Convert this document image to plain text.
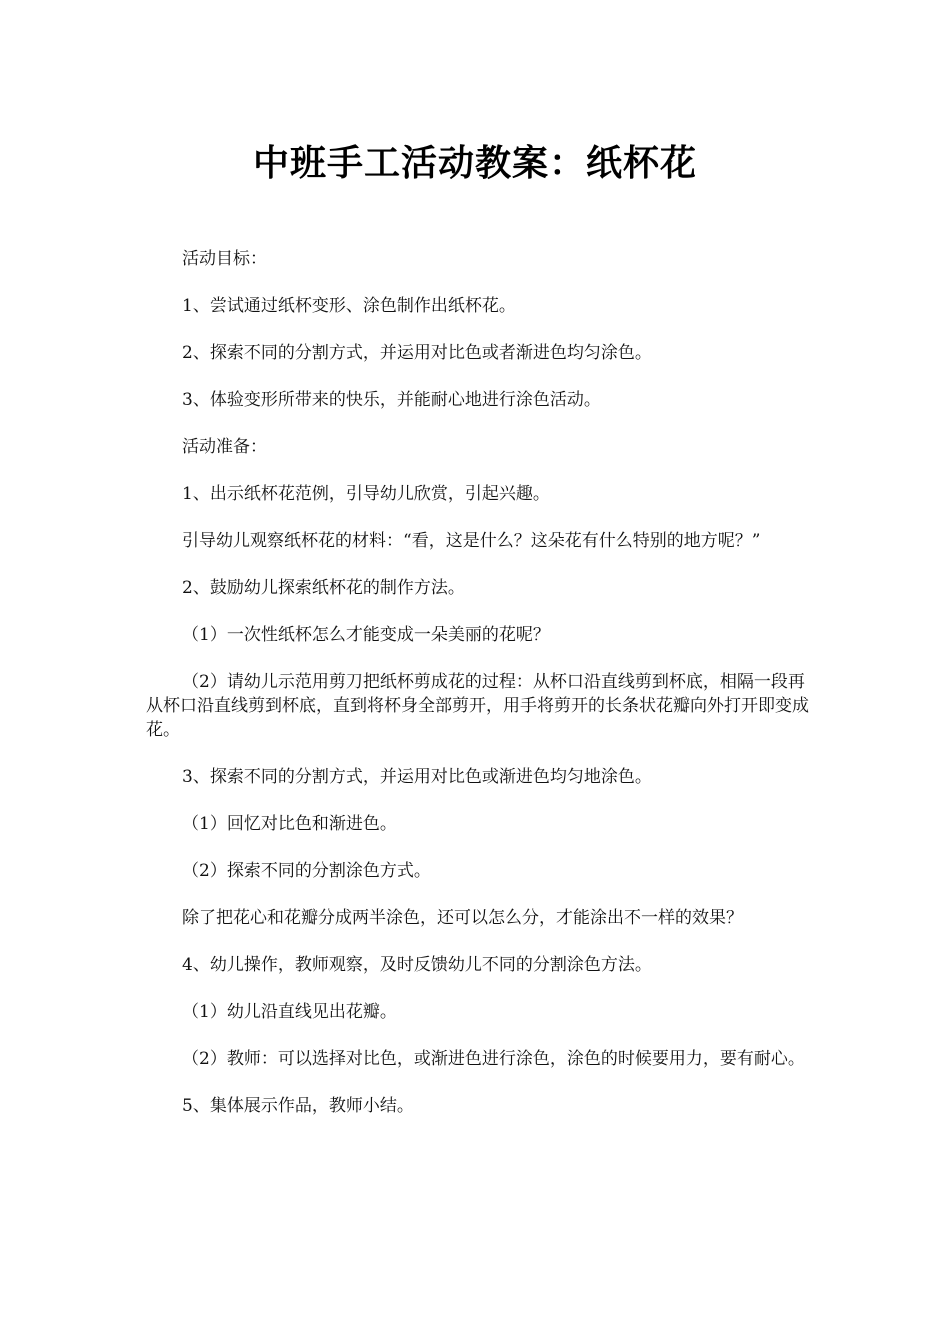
中班手工活动教案：纸杯花

活动目标：

1、尝试通过纸杯变形、涂色制作出纸杯花。

2、探索不同的分割方式，并运用对比色或者渐进色均匀涂色。

3、体验变形所带来的快乐，并能耐心地进行涂色活动。

活动准备：

1、出示纸杯花范例，引导幼儿欣赏，引起兴趣。

引导幼儿观察纸杯花的材料：“看，这是什么？这朵花有什么特别的地方呢？”

2、鼓励幼儿探索纸杯花的制作方法。

（1）一次性纸杯怎么才能变成一朵美丽的花呢？

（2）请幼儿示范用剪刀把纸杯剪成花的过程：从杯口沿直线剪到杯底，相隔一段再从杯口沿直线剪到杯底，直到将杯身全部剪开，用手将剪开的长条状花瓣向外打开即变成花。

3、探索不同的分割方式，并运用对比色或渐进色均匀地涂色。

（1）回忆对比色和渐进色。

（2）探索不同的分割涂色方式。

除了把花心和花瓣分成两半涂色，还可以怎么分，才能涂出不一样的效果？

4、幼儿操作，教师观察，及时反馈幼儿不同的分割涂色方法。

（1）幼儿沿直线见出花瓣。

（2）教师：可以选择对比色，或渐进色进行涂色，涂色的时候要用力，要有耐心。

5、集体展示作品，教师小结。
